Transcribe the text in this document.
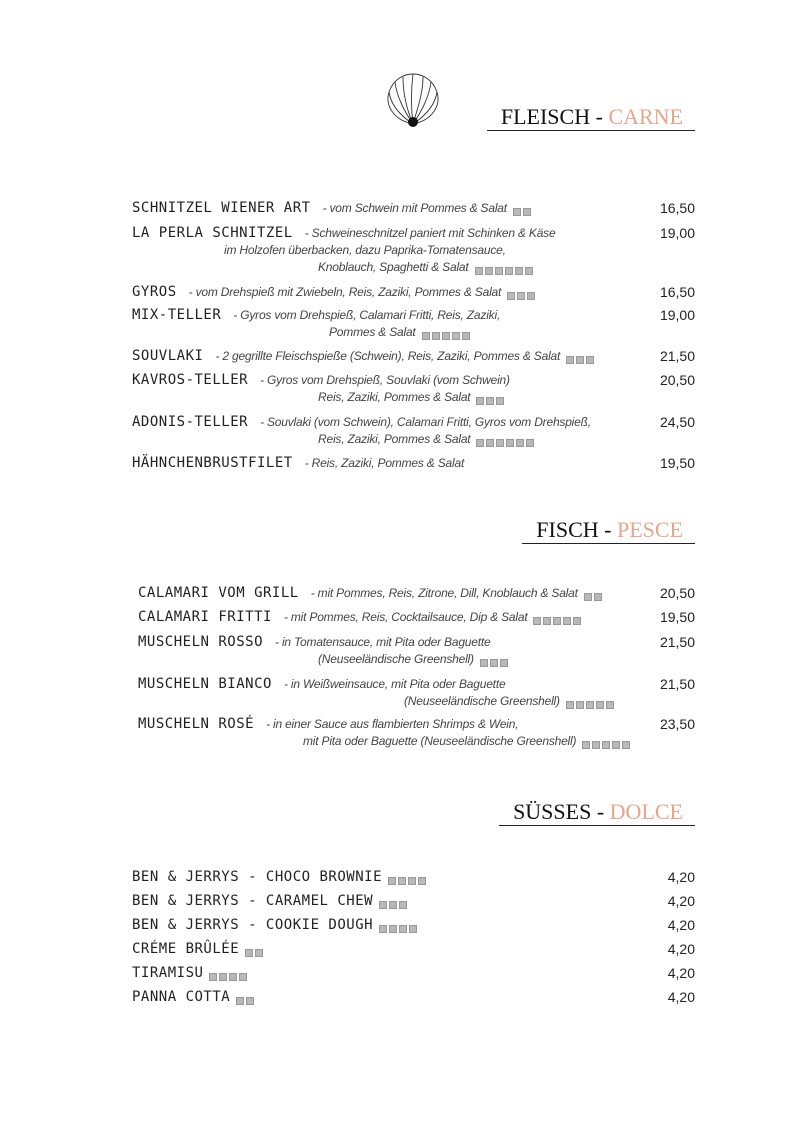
FLEISCH - CARNE
FISCH - PESCE
SÜSSES - DOLCE
SCHNITZEL WIENER ART - vom Schwein mit Pommes & Salat	16,50
LA PERLA SCHNITZEL - Schweineschnitzel paniert mit Schinken & Käse
im Holzofen überbacken, dazu Paprika-Tomatensauce,
Knoblauch, Spaghetti & Salat
19,00
GYROS - vom Drehspieß mit Zwiebeln, Reis, Zaziki, Pommes & Salat	16,50
MIX-TELLER - Gyros vom Drehspieß, Calamari Fritti, Reis, Zaziki,
Pommes & Salat
19,00
SOUVLAKI - 2 gegrillte Fleischspieße (Schwein), Reis, Zaziki, Pommes & Salat	21,50
KAVROS-TELLER - Gyros vom Drehspieß, Souvlaki (vom Schwein)
Reis, Zaziki, Pommes & Salat
20,50
ADONIS-TELLER - Souvlaki (vom Schwein), Calamari Fritti, Gyros vom Drehspieß,
Reis, Zaziki, Pommes & Salat
24,50
HÄHNCHENBRUSTFILET - Reis, Zaziki, Pommes & Salat	19,50
CALAMARI VOM GRILL - mit Pommes, Reis, Zitrone, Dill, Knoblauch & Salat	20,50
CALAMARI FRITTI - mit Pommes, Reis, Cocktailsauce, Dip & Salat	19,50
MUSCHELN ROSSO - in Tomatensauce, mit Pita oder Baguette
(Neuseeländische Greenshell)
21,50
MUSCHELN BIANCO - in Weißweinsauce, mit Pita oder Baguette
(Neuseeländische Greenshell)
21,50
MUSCHELN ROSÉ - in einer Sauce aus flambierten Shrimps & Wein,
mit Pita oder Baguette (Neuseeländische Greenshell)
23,50
BEN & JERRYS - CHOCO BROWNIE	4,20
BEN & JERRYS - CARAMEL CHEW	4,20
BEN & JERRYS - COOKIE DOUGH	4,20
CRÉME BRÛLÉE	4,20
TIRAMISU	4,20
PANNA COTTA	4,20
